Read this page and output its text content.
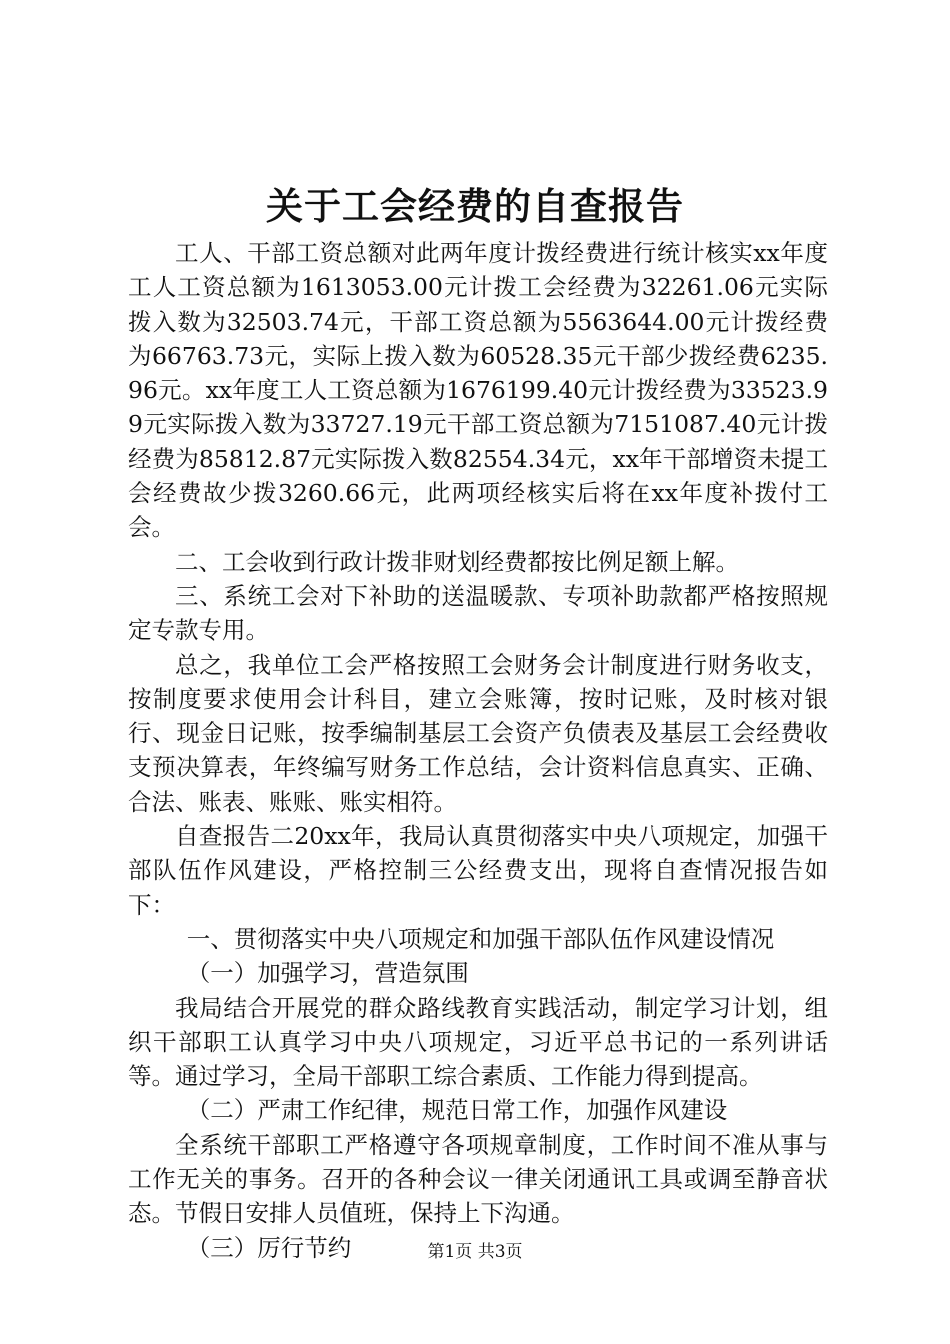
关于工会经费的自查报告

工人、干部工资总额对此两年度计拨经费进行统计核实xx年度工人工资总额为1613053.00元计拨工会经费为32261.06元实际拨入数为32503.74元，干部工资总额为5563644.00元计拨经费为66763.73元，实际上拨入数为60528.35元干部少拨经费6235.96元。xx年度工人工资总额为1676199.40元计拨经费为33523.99元实际拨入数为33727.19元干部工资总额为7151087.40元计拨经费为85812.87元实际拨入数82554.34元，xx年干部增资未提工会经费故少拨3260.66元，此两项经核实后将在xx年度补拨付工会。

二、工会收到行政计拨非财划经费都按比例足额上解。

三、系统工会对下补助的送温暖款、专项补助款都严格按照规定专款专用。

总之，我单位工会严格按照工会财务会计制度进行财务收支，按制度要求使用会计科目，建立会账簿，按时记账，及时核对银行、现金日记账，按季编制基层工会资产负债表及基层工会经费收支预决算表，年终编写财务工作总结，会计资料信息真实、正确、合法、账表、账账、账实相符。

自查报告二20xx年，我局认真贯彻落实中央八项规定，加强干部队伍作风建设，严格控制三公经费支出，现将自查情况报告如下：

一、贯彻落实中央八项规定和加强干部队伍作风建设情况

（一）加强学习，营造氛围

我局结合开展党的群众路线教育实践活动，制定学习计划，组织干部职工认真学习中央八项规定，习近平总书记的一系列讲话等。通过学习，全局干部职工综合素质、工作能力得到提高。

（二）严肃工作纪律，规范日常工作，加强作风建设

全系统干部职工严格遵守各项规章制度，工作时间不准从事与工作无关的事务。召开的各种会议一律关闭通讯工具或调至静音状态。节假日安排人员值班，保持上下沟通。

（三）厉行节约	第1页 共3页
